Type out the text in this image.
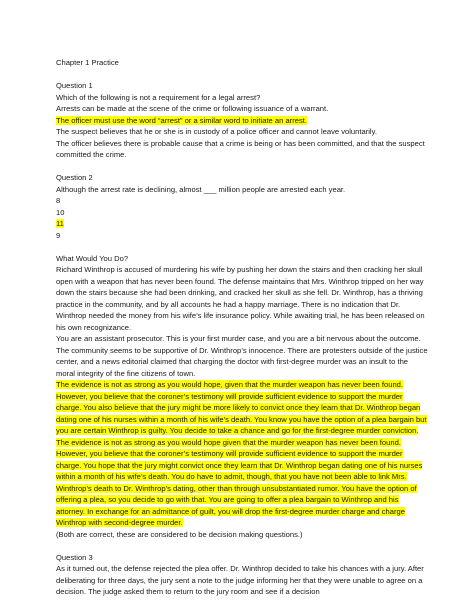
Chapter 1 Practice

Question 1

Which of the following is not a requirement for a legal arrest?

Arrests can be made at the scene of the crime or following issuance of a warrant.

The officer must use the word “arrest” or a similar word to initiate an arrest.

The suspect believes that he or she is in custody of a police officer and cannot leave voluntarily.

The officer believes there is probable cause that a crime is being or has been committed, and that the suspect committed the crime.

Question 2

Although the arrest rate is declining, almost ___ million people are arrested each year.

8

10

11

9

What Would You Do?

Richard Winthrop is accused of murdering his wife by pushing her down the stairs and then cracking her skull open with a weapon that has never been found. The defense maintains that Mrs. Winthrop tripped on her way down the stairs because she had been drinking, and cracked her skull as she fell. Dr. Winthrop, has a thriving practice in the community, and by all accounts he had a happy marriage. There is no indication that Dr. Winthrop needed the money from his wife’s life insurance policy. While awaiting trial, he has been released on his own recognizance.

You are an assistant prosecutor. This is your first murder case, and you are a bit nervous about the outcome. The community seems to be supportive of Dr. Winthrop’s innocence. There are protesters outside of the justice center, and a news editorial claimed that charging the doctor with first-degree murder was an insult to the moral integrity of the fine citizens of town.

The evidence is not as strong as you would hope, given that the murder weapon has never been found. However, you believe that the coroner’s testimony will provide sufficient evidence to support the murder charge. You also believe that the jury might be more likely to convict once they learn that Dr. Winthrop began dating one of his nurses within a month of his wife’s death. You know you have the option of a plea bargain but you are certain Winthrop is guilty. You decide to take a chance and go for the first-degree murder conviction.

The evidence is not as strong as you would hope given that the murder weapon has never been found. However, you believe that the coroner’s testimony will provide sufficient evidence to support the murder charge. You hope that the jury might convict once they learn that Dr. Winthrop began dating one of his nurses within a month of his wife’s death. You do have to admit, though, that you have not been able to link Mrs. Winthrop’s death to Dr. Winthrop’s dating, other than through unsubstantiated rumor. You have the option of offering a plea, so you decide to go with that. You are going to offer a plea bargain to Winthrop and his attorney. In exchange for an admittance of guilt, you will drop the first-degree murder charge and charge Winthrop with second-degree murder.

(Both are correct, these are considered to be decision making questions.)

Question 3

As it turned out, the defense rejected the plea offer. Dr. Winthrop decided to take his chances with a jury. After deliberating for three days, the jury sent a note to the judge informing her that they were unable to agree on a decision. The judge asked them to return to the jury room and see if a decision
